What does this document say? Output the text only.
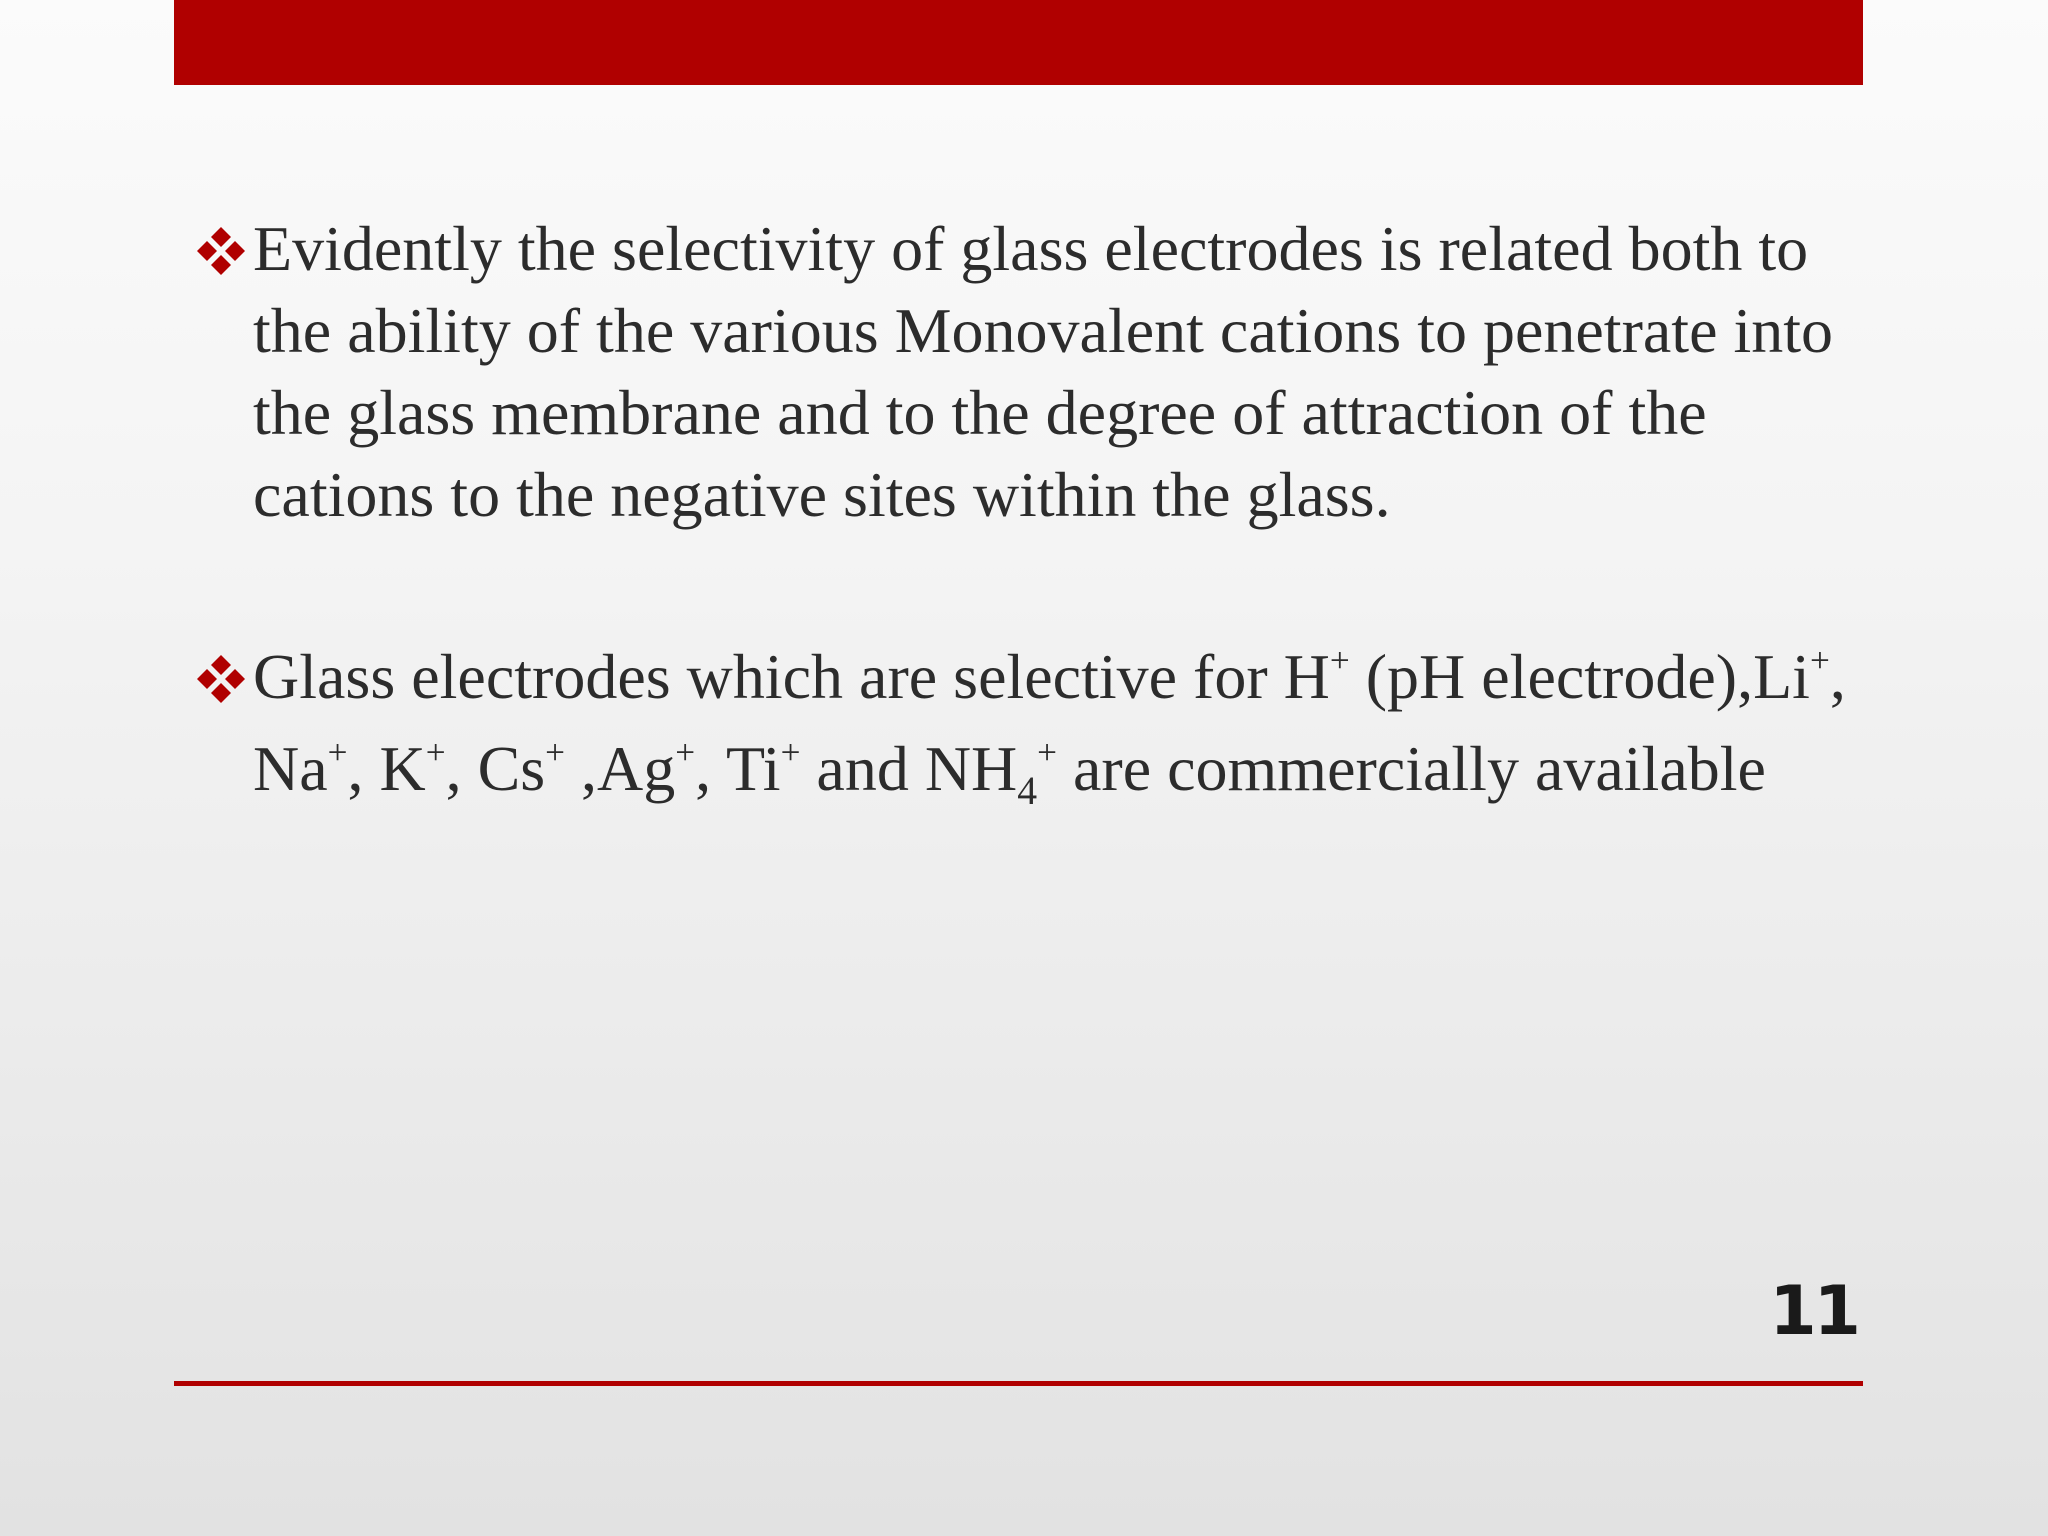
Evidently the selectivity of glass electrodes is related both to the ability of the various Monovalent cations to penetrate into the glass membrane and to the degree of attraction of the cations to the negative sites within the glass.
Glass electrodes which are selective for H+ (pH electrode),Li+, Na+, K+, Cs+ ,Ag+, Ti+ and $NH_4^+$ are commercially available
11
